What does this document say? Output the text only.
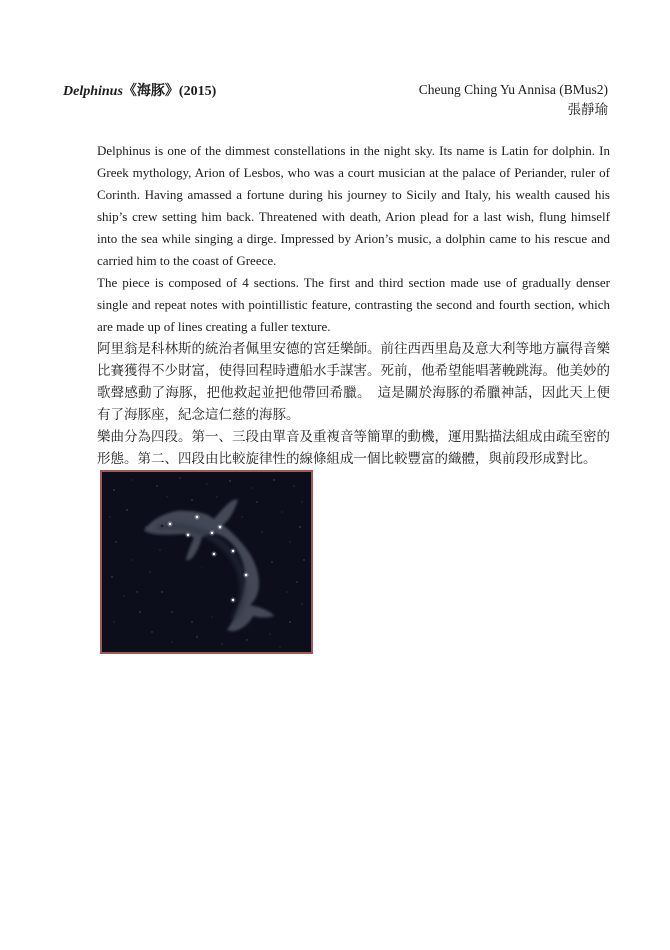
Delphinus《海豚》(2015)	Cheung Ching Yu Annisa (BMus2)
張靜瑜

Delphinus is one of the dimmest constellations in the night sky. Its name is Latin for dolphin. In Greek mythology, Arion of Lesbos, who was a court musician at the palace of Periander, ruler of Corinth. Having amassed a fortune during his journey to Sicily and Italy, his wealth caused his ship’s crew setting him back. Threatened with death, Arion plead for a last wish, flung himself into the sea while singing a dirge. Impressed by Arion’s music, a dolphin came to his rescue and carried him to the coast of Greece.

The piece is composed of 4 sections. The first and third section made use of gradually denser single and repeat notes with pointillistic feature, contrasting the second and fourth section, which are made up of lines creating a fuller texture.

阿里翁是科林斯的統治者佩里安德的宮廷樂師。前往西西里島及意大利等地方贏得音樂比賽獲得不少財富，使得回程時遭船水手謀害。死前，他希望能唱著輓跳海。他美妙的歌聲感動了海豚，把他救起並把他帶回希臘。　這是關於海豚的希臘神話，因此天上便有了海豚座，紀念這仁慈的海豚。

樂曲分為四段。第一、三段由單音及重複音等簡單的動機，運用點描法組成由疏至密的形態。第二、四段由比較旋律性的線條組成一個比較豐富的織體，與前段形成對比。
